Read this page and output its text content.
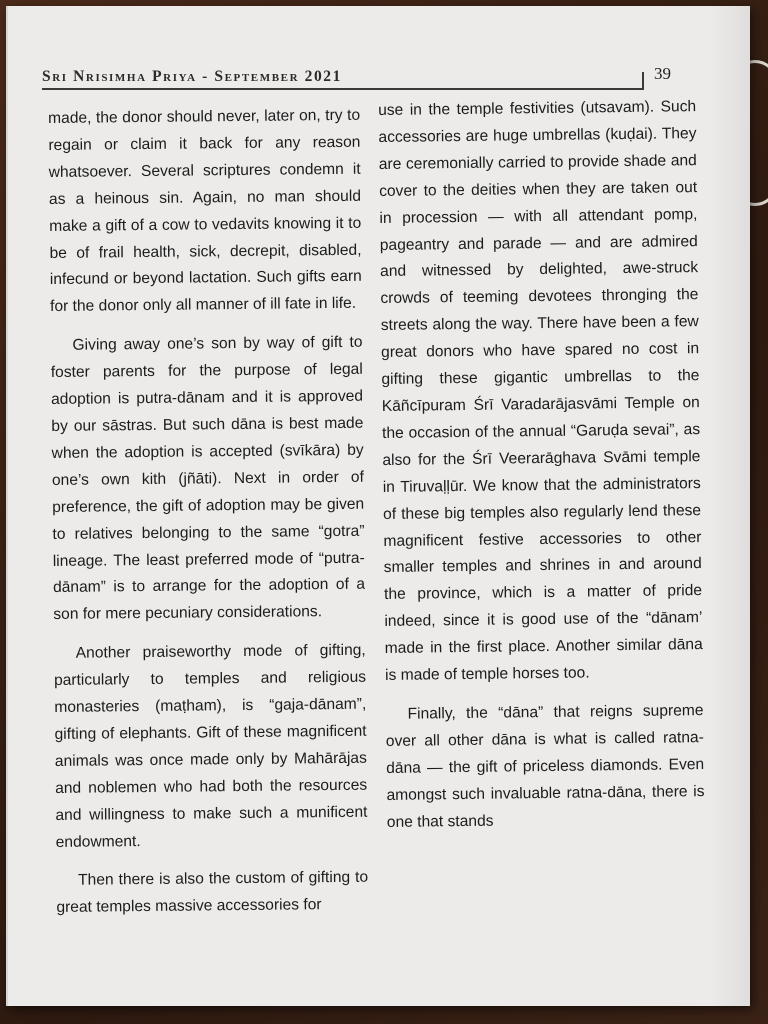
Sri Nrisimha Priya - September 2021	39

made, the donor should never, later on, try to regain or claim it back for any reason whatsoever. Several scriptures condemn it as a heinous sin. Again, no man should make a gift of a cow to vedavits knowing it to be of frail health, sick, decrepit, disabled, infecund or beyond lactation. Such gifts earn for the donor only all manner of ill fate in life.

Giving away one’s son by way of gift to foster parents for the purpose of legal adoption is putra-dānam and it is approved by our sāstras. But such dāna is best made when the adoption is accepted (svīkāra) by one’s own kith (jñāti). Next in order of preference, the gift of adoption may be given to relatives belonging to the same “gotra” lineage. The least preferred mode of “putra-dānam” is to arrange for the adoption of a son for mere pecuniary considerations.

Another praiseworthy mode of gifting, particularly to temples and religious monasteries (maṭham), is “gaja-dānam”, gifting of elephants. Gift of these magnificent animals was once made only by Mahārājas and noblemen who had both the resources and willingness to make such a munificent endowment.

Then there is also the custom of gifting to great temples massive accessories for

use in the temple festivities (utsavam). Such accessories are huge umbrellas (kuḍai). They are ceremonially carried to provide shade and cover to the deities when they are taken out in procession — with all attendant pomp, pageantry and parade — and are admired and witnessed by delighted, awe-struck crowds of teeming devotees thronging the streets along the way. There have been a few great donors who have spared no cost in gifting these gigantic umbrellas to the Kāñcīpuram Śrī Varadarājasvāmi Temple on the occasion of the annual “Garuḍa sevai”, as also for the Śrī Veerarāghava Svāmi temple in Tiruvaḷḷūr. We know that the administrators of these big temples also regularly lend these magnificent festive accessories to other smaller temples and shrines in and around the province, which is a matter of pride indeed, since it is good use of the “dānam’ made in the first place. Another similar dāna is made of temple horses too.

Finally, the “dāna” that reigns supreme over all other dāna is what is called ratna-dāna — the gift of priceless diamonds. Even amongst such invaluable ratna-dāna, there is one that stands
